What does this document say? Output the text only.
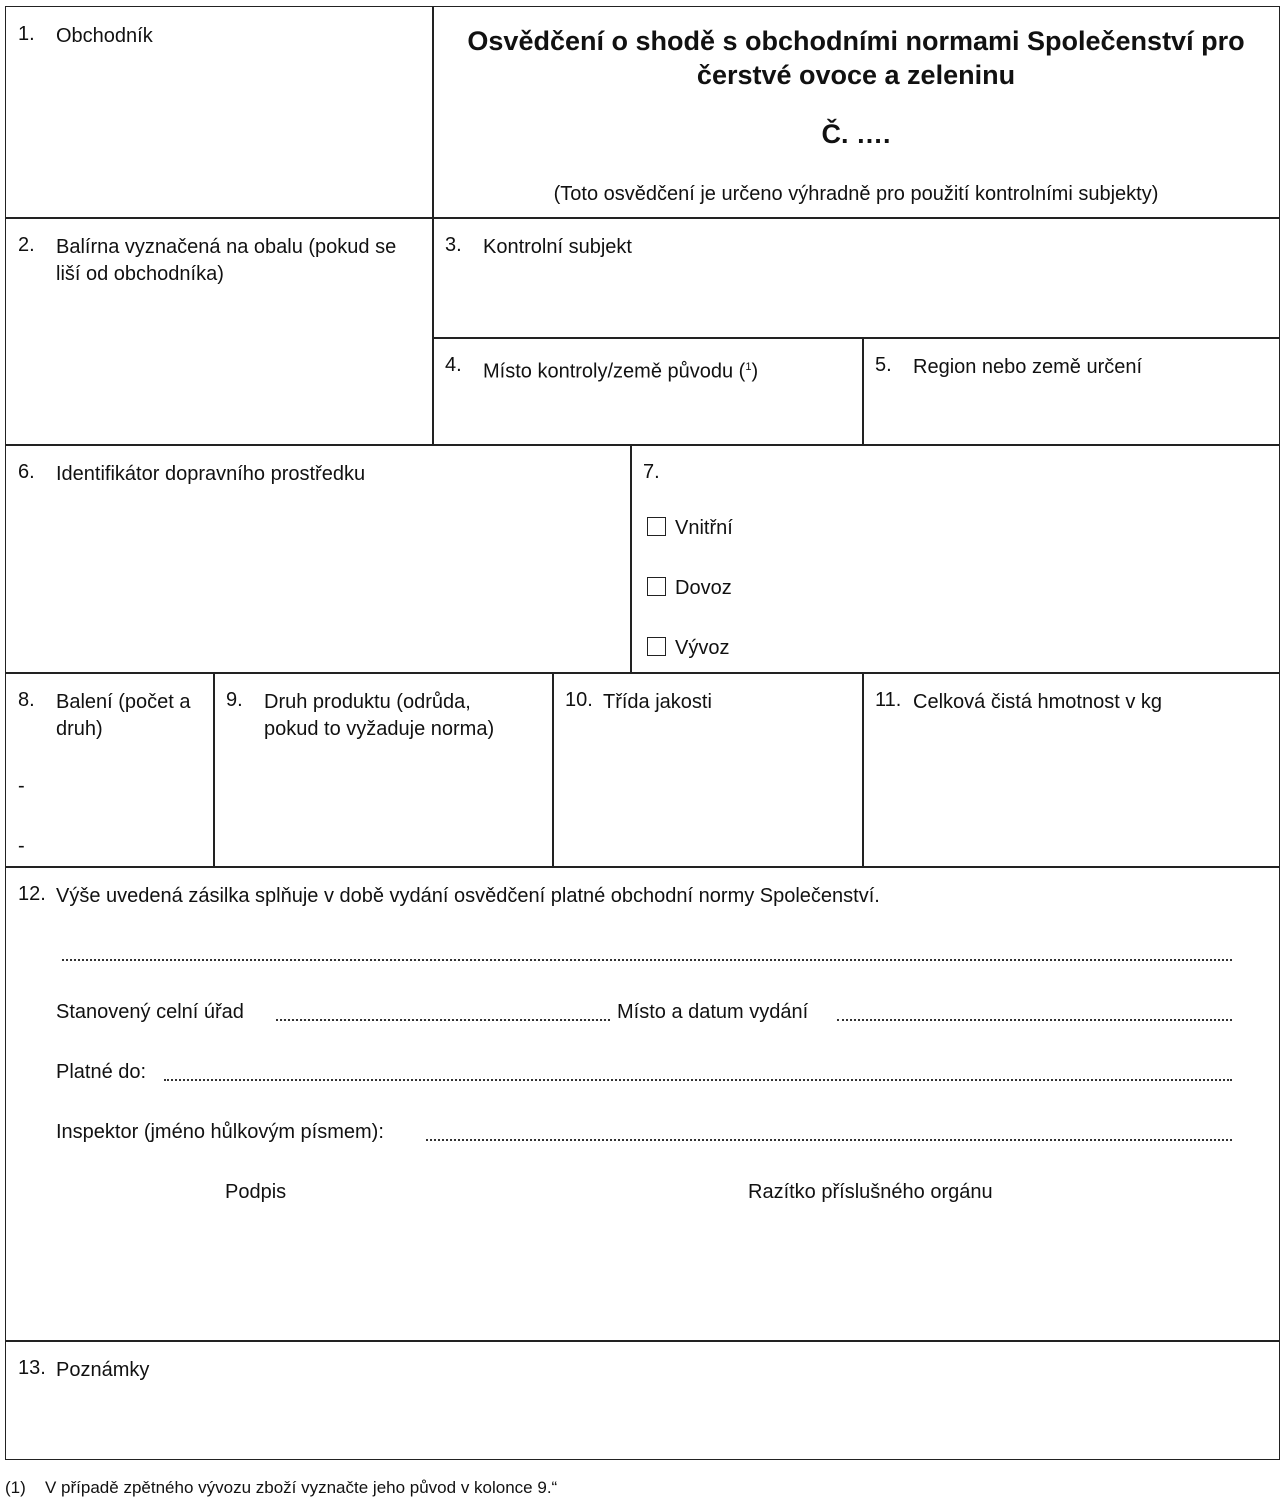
1. Obchodník	Osvědčení o shodě s obchodními normami Společenství pro čerstvé ovoce a zeleninu
Č. ….
(Toto osvědčení je určeno výhradně pro použití kontrolními subjekty)
2. Balírna vyznačená na obalu (pokud se liší od obchodníka)
3. Kontrolní subjekt
4. Místo kontroly/země původu ($^1$)	5. Region nebo země určení
6. Identifikátor dopravního prostředku	7.
Vnitřní
Dovoz
Vývoz
8. Balení (počet a druh)
-
-
9. Druh produktu (odrůda, pokud to vyžaduje norma)
10. Třída jakosti	11. Celková čistá hmotnost v kg
12. Výše uvedená zásilka splňuje v době vydání osvědčení platné obchodní normy Společenství.
Stanovený celní úřad	Místo a datum vydání
Platné do:
Inspektor (jméno hůlkovým písmem):
Podpis	Razítko příslušného orgánu
13. Poznámky
(1) V případě zpětného vývozu zboží vyznačte jeho původ v kolonce 9.“
